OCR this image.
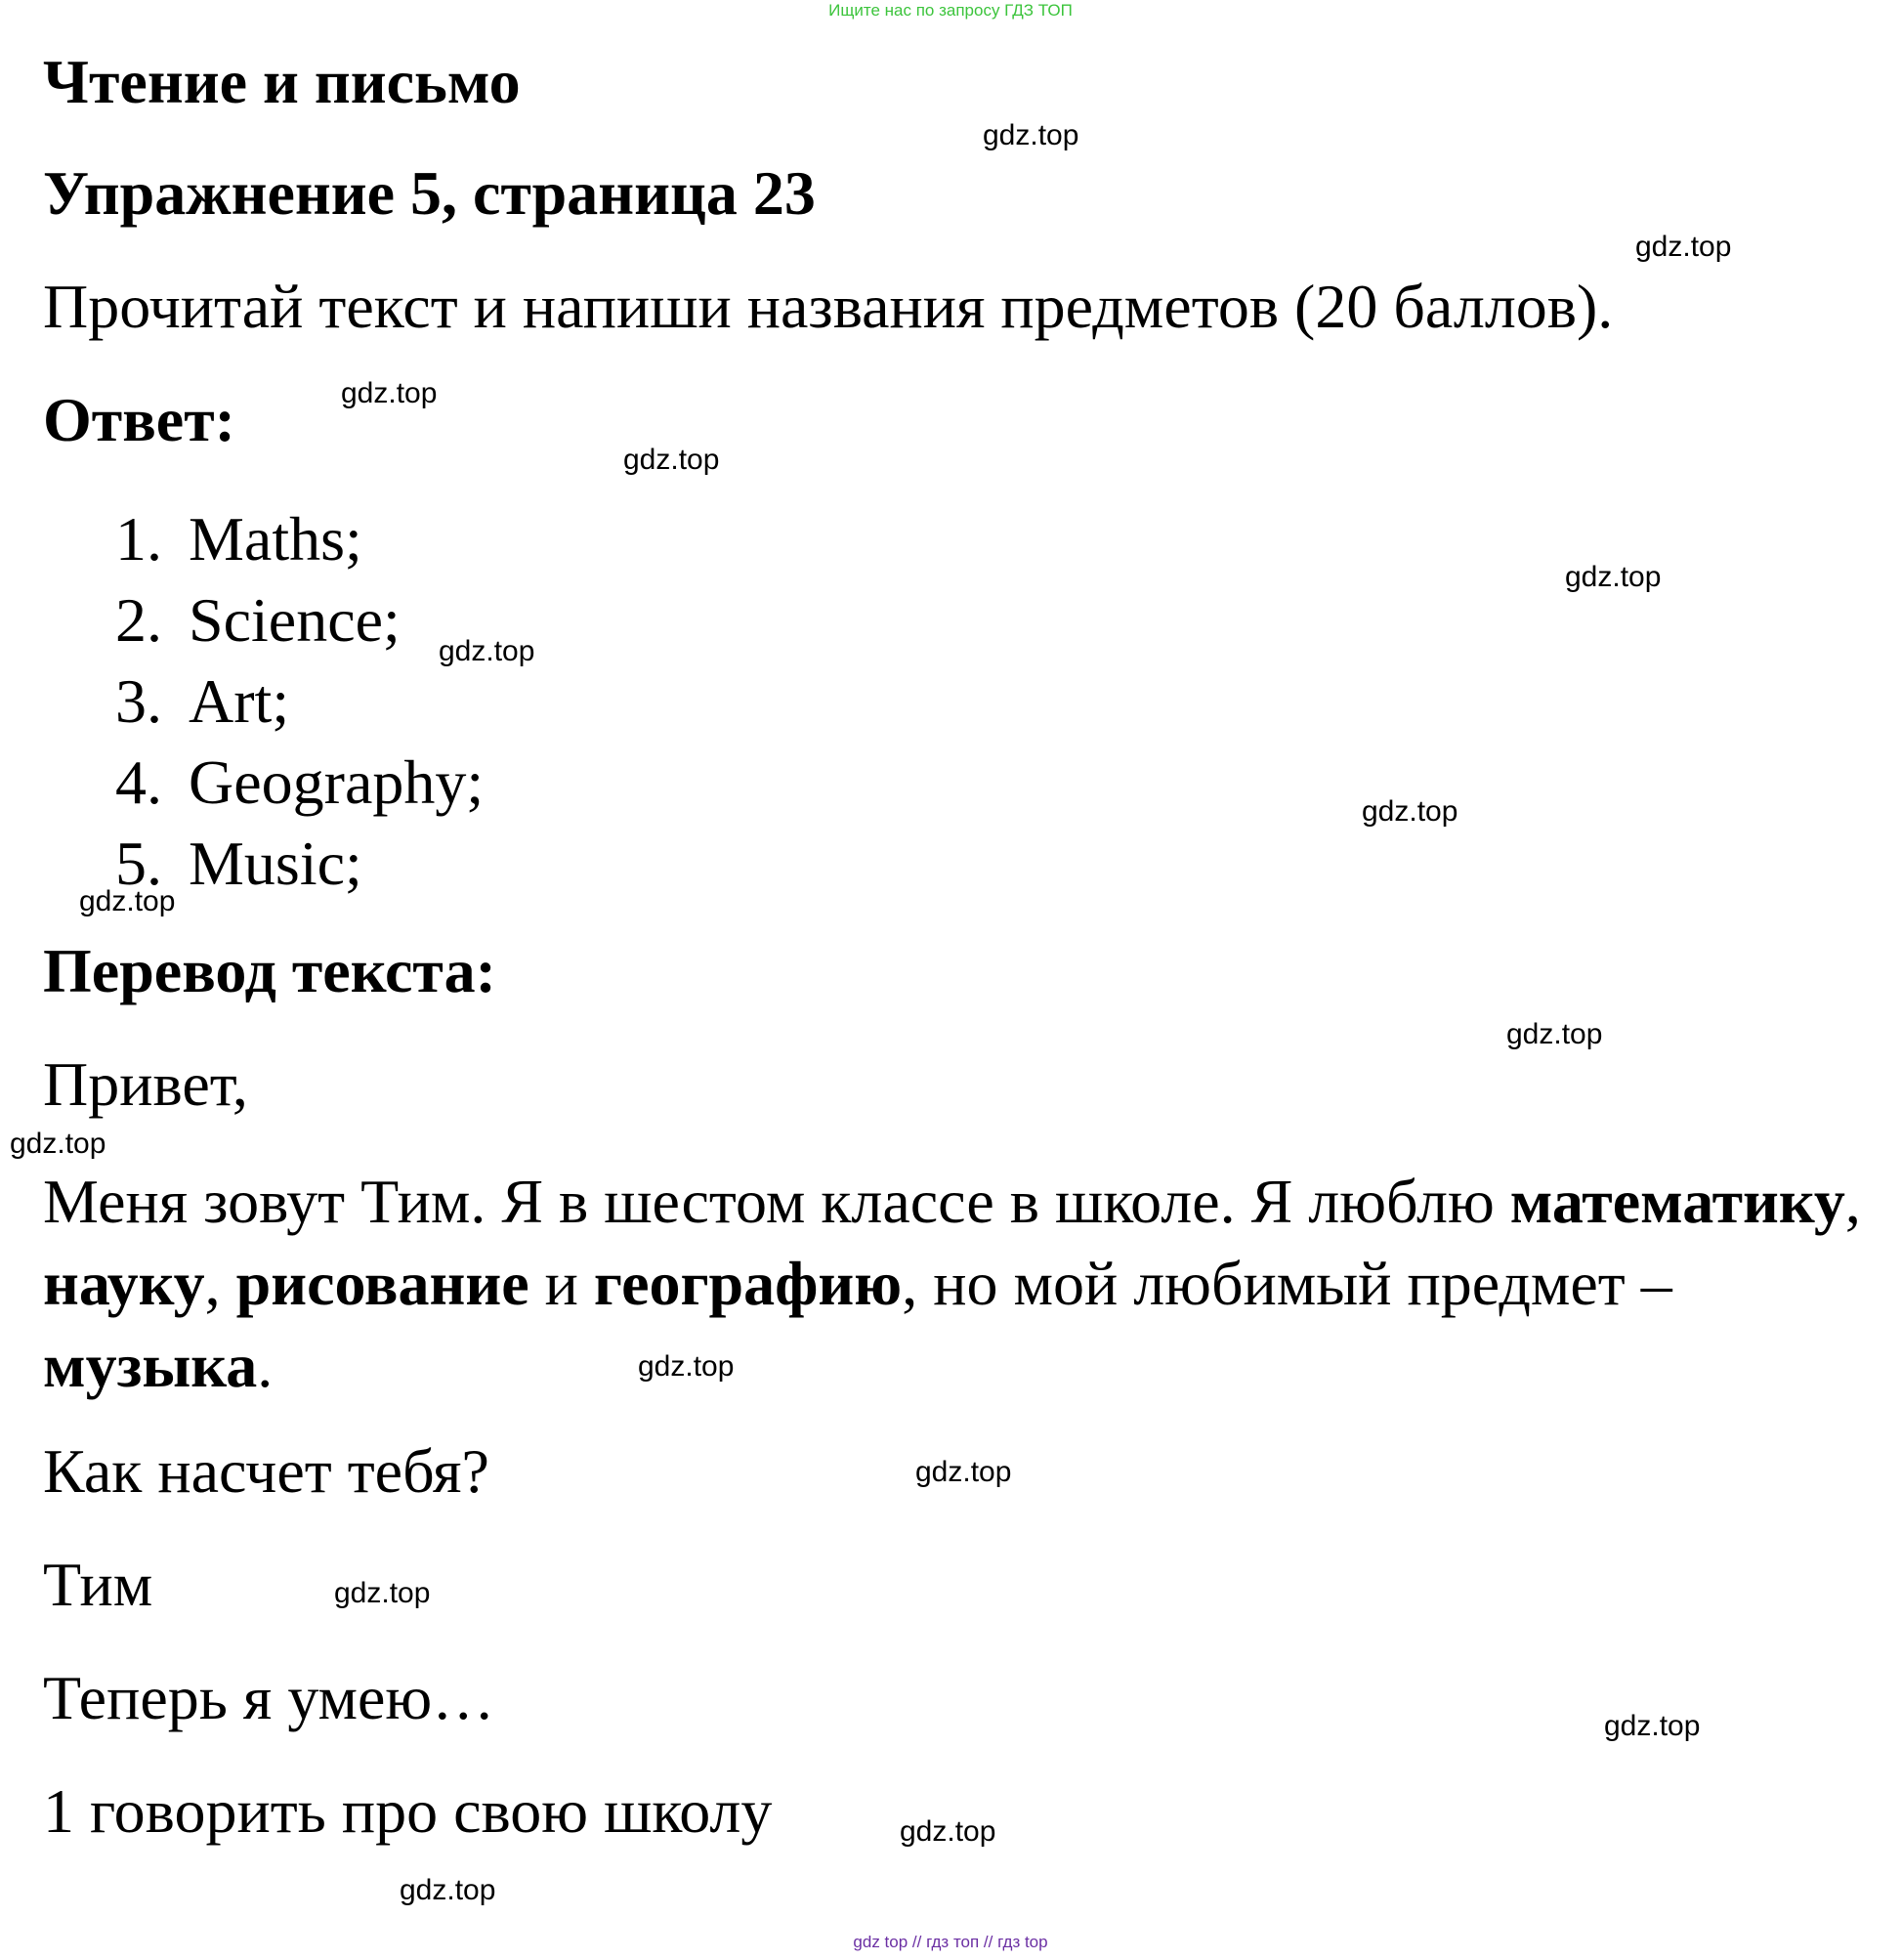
Ищите нас по запросу ГДЗ ТОП
Чтение и письмо
Упражнение 5, страница 23
Прочитай текст и напиши названия предметов (20 баллов).
Ответ:
1. Maths;
2. Science;
3. Art;
4. Geography;
5. Music;
Перевод текста:
Привет,
Меня зовут Тим. Я в шестом классе в школе. Я люблю математику, науку, рисование и географию, но мой любимый предмет – музыка.
Как насчет тебя?
Тим
Теперь я умею…
1 говорить про свою школу
gdz.top
gdz.top
gdz.top
gdz.top
gdz.top
gdz.top
gdz.top
gdz.top
gdz.top
gdz.top
gdz.top
gdz.top
gdz.top
gdz.top
gdz.top
gdz.top
gdz top // гдз топ // гдз top
